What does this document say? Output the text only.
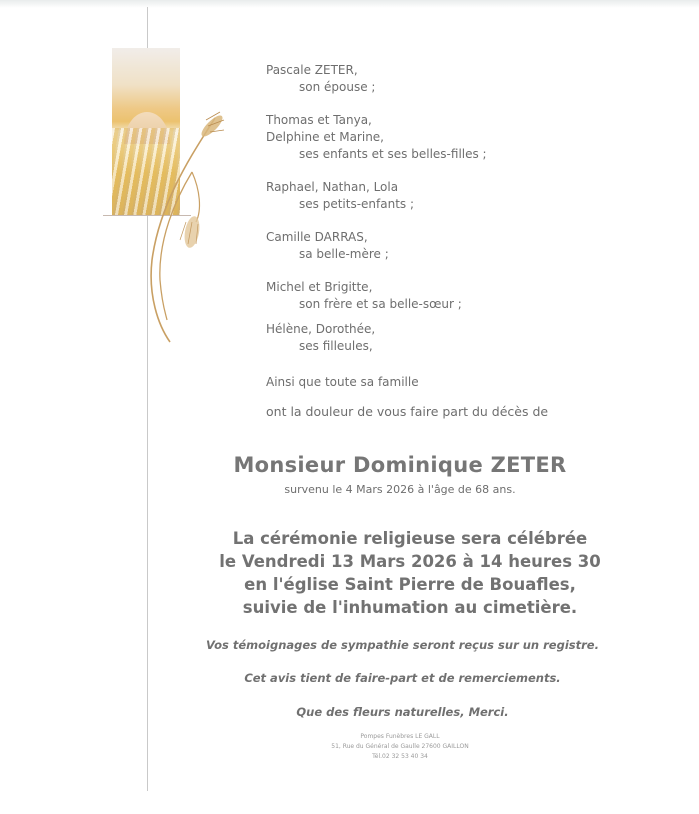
Pascale ZETER,
son épouse ;
Thomas et Tanya,
Delphine et Marine,
ses enfants et ses belles-filles ;
Raphael, Nathan, Lola
ses petits-enfants ;
Camille DARRAS,
sa belle-mère ;
Michel et Brigitte,
son frère et sa belle-sœur ;
Hélène, Dorothée,
ses filleules,
Ainsi que toute sa famille
ont la douleur de vous faire part du décès de
Monsieur Dominique ZETER
survenu le 4 Mars 2026 à l'âge de 68 ans.
La cérémonie religieuse sera célébrée
le Vendredi 13 Mars 2026 à 14 heures 30
en l'église Saint Pierre de Bouafles,
suivie de l'inhumation au cimetière.
Vos témoignages de sympathie seront reçus sur un registre.
Cet avis tient de faire-part et de remerciements.
Que des fleurs naturelles, Merci.
Pompes Funèbres LE GALL
51, Rue du Général de Gaulle 27600 GAILLON
Tél.02 32 53 40 34
